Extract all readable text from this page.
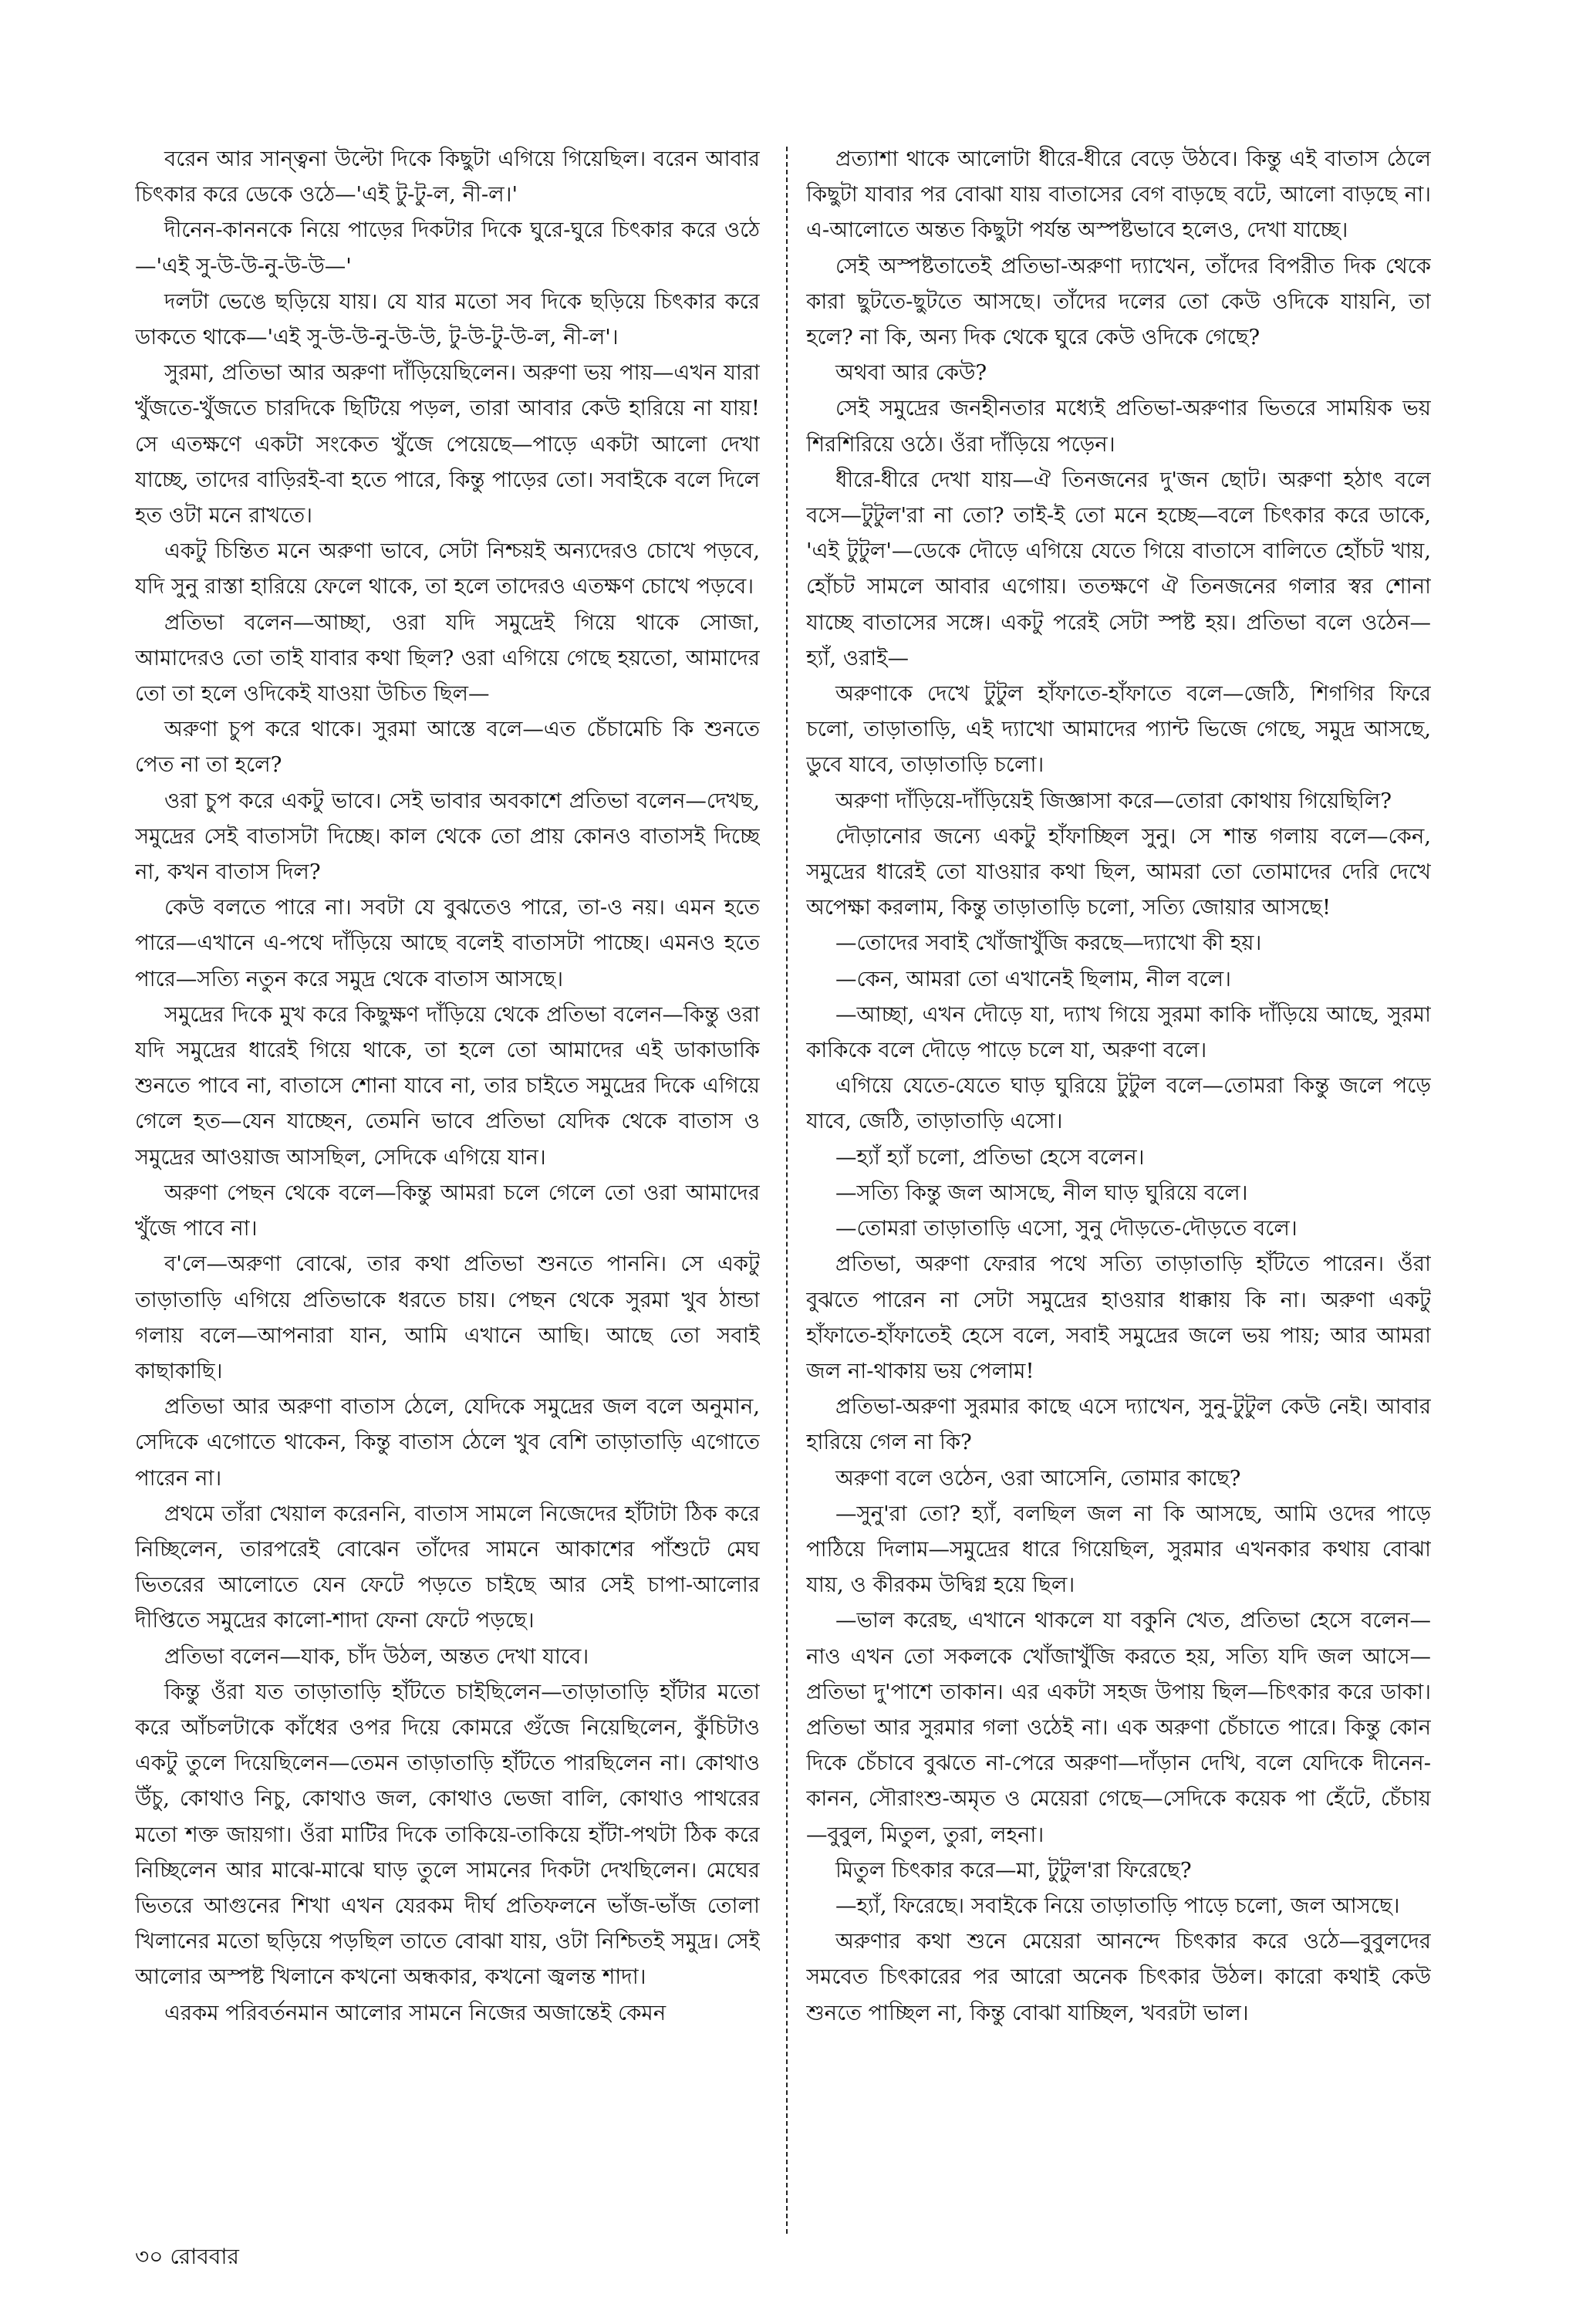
বরেন আর সান্ত্বনা উল্টো দিকে কিছুটা এগিয়ে গিয়েছিল। বরেন আবার চিৎকার করে ডেকে ওঠে—'এই টু-টু-ল, নী-ল।'

দীনেন-কাননকে নিয়ে পাড়ের দিকটার দিকে ঘুরে-ঘুরে চিৎকার করে ওঠে—'এই সু-উ-উ-নু-উ-উ—'

দলটা ভেঙে ছড়িয়ে যায়। যে যার মতো সব দিকে ছড়িয়ে চিৎকার করে ডাকতে থাকে—'এই সু-উ-উ-নু-উ-উ, টু-উ-টু-উ-ল, নী-ল'।

সুরমা, প্রতিভা আর অরুণা দাঁড়িয়েছিলেন। অরুণা ভয় পায়—এখন যারা খুঁজতে-খুঁজতে চারদিকে ছিটিয়ে পড়ল, তারা আবার কেউ হারিয়ে না যায়! সে এতক্ষণে একটা সংকেত খুঁজে পেয়েছে—পাড়ে একটা আলো দেখা যাচ্ছে, তাদের বাড়িরই-বা হতে পারে, কিন্তু পাড়ের তো। সবাইকে বলে দিলে হত ওটা মনে রাখতে।

একটু চিন্তিত মনে অরুণা ভাবে, সেটা নিশ্চয়ই অন্যদেরও চোখে পড়বে, যদি সুনু রাস্তা হারিয়ে ফেলে থাকে, তা হলে তাদেরও এতক্ষণ চোখে পড়বে।

প্রতিভা বলেন—আচ্ছা, ওরা যদি সমুদ্রেই গিয়ে থাকে সোজা, আমাদেরও তো তাই যাবার কথা ছিল? ওরা এগিয়ে গেছে হয়তো, আমাদের তো তা হলে ওদিকেই যাওয়া উচিত ছিল—

অরুণা চুপ করে থাকে। সুরমা আস্তে বলে—এত চেঁচামেচি কি শুনতে পেত না তা হলে?

ওরা চুপ করে একটু ভাবে। সেই ভাবার অবকাশে প্রতিভা বলেন—দেখছ, সমুদ্রের সেই বাতাসটা দিচ্ছে। কাল থেকে তো প্রায় কোনও বাতাসই দিচ্ছে না, কখন বাতাস দিল?

কেউ বলতে পারে না। সবটা যে বুঝতেও পারে, তা-ও নয়। এমন হতে পারে—এখানে এ-পথে দাঁড়িয়ে আছে বলেই বাতাসটা পাচ্ছে। এমনও হতে পারে—সত্যি নতুন করে সমুদ্র থেকে বাতাস আসছে।

সমুদ্রের দিকে মুখ করে কিছুক্ষণ দাঁড়িয়ে থেকে প্রতিভা বলেন—কিন্তু ওরা যদি সমুদ্রের ধারেই গিয়ে থাকে, তা হলে তো আমাদের এই ডাকাডাকি শুনতে পাবে না, বাতাসে শোনা যাবে না, তার চাইতে সমুদ্রের দিকে এগিয়ে গেলে হত—যেন যাচ্ছেন, তেমনি ভাবে প্রতিভা যেদিক থেকে বাতাস ও সমুদ্রের আওয়াজ আসছিল, সেদিকে এগিয়ে যান।

অরুণা পেছন থেকে বলে—কিন্তু আমরা চলে গেলে তো ওরা আমাদের খুঁজে পাবে না।

ব'লে—অরুণা বোঝে, তার কথা প্রতিভা শুনতে পাননি। সে একটু তাড়াতাড়ি এগিয়ে প্রতিভাকে ধরতে চায়। পেছন থেকে সুরমা খুব ঠান্ডা গলায় বলে—আপনারা যান, আমি এখানে আছি। আছে তো সবাই কাছাকাছি।

প্রতিভা আর অরুণা বাতাস ঠেলে, যেদিকে সমুদ্রের জল বলে অনুমান, সেদিকে এগোতে থাকেন, কিন্তু বাতাস ঠেলে খুব বেশি তাড়াতাড়ি এগোতে পারেন না।

প্রথমে তাঁরা খেয়াল করেননি, বাতাস সামলে নিজেদের হাঁটাটা ঠিক করে নিচ্ছিলেন, তারপরেই বোঝেন তাঁদের সামনে আকাশের পাঁশুটে মেঘ ভিতরের আলোতে যেন ফেটে পড়তে চাইছে আর সেই চাপা-আলোর দীপ্তিতে সমুদ্রের কালো-শাদা ফেনা ফেটে পড়ছে।

প্রতিভা বলেন—যাক, চাঁদ উঠল, অন্তত দেখা যাবে।

কিন্তু ওঁরা যত তাড়াতাড়ি হাঁটতে চাইছিলেন—তাড়াতাড়ি হাঁটার মতো করে আঁচলটাকে কাঁধের ওপর দিয়ে কোমরে গুঁজে নিয়েছিলেন, কুঁচিটাও একটু তুলে দিয়েছিলেন—তেমন তাড়াতাড়ি হাঁটতে পারছিলেন না। কোথাও উঁচু, কোথাও নিচু, কোথাও জল, কোথাও ভেজা বালি, কোথাও পাথরের মতো শক্ত জায়গা। ওঁরা মাটির দিকে তাকিয়ে-তাকিয়ে হাঁটা-পথটা ঠিক করে নিচ্ছিলেন আর মাঝে-মাঝে ঘাড় তুলে সামনের দিকটা দেখছিলেন। মেঘের ভিতরে আগুনের শিখা এখন যেরকম দীর্ঘ প্রতিফলনে ভাঁজ-ভাঁজ তোলা খিলানের মতো ছড়িয়ে পড়ছিল তাতে বোঝা যায়, ওটা নিশ্চিতই সমুদ্র। সেই আলোর অস্পষ্ট খিলানে কখনো অন্ধকার, কখনো জ্বলন্ত শাদা।

এরকম পরিবর্তনমান আলোর সামনে নিজের অজান্তেই কেমন

প্রত্যাশা থাকে আলোটা ধীরে-ধীরে বেড়ে উঠবে। কিন্তু এই বাতাস ঠেলে কিছুটা যাবার পর বোঝা যায় বাতাসের বেগ বাড়ছে বটে, আলো বাড়ছে না। এ-আলোতে অন্তত কিছুটা পর্যন্ত অস্পষ্টভাবে হলেও, দেখা যাচ্ছে।

সেই অস্পষ্টতাতেই প্রতিভা-অরুণা দ্যাখেন, তাঁদের বিপরীত দিক থেকে কারা ছুটতে-ছুটতে আসছে। তাঁদের দলের তো কেউ ওদিকে যায়নি, তা হলে? না কি, অন্য দিক থেকে ঘুরে কেউ ওদিকে গেছে?

অথবা আর কেউ?

সেই সমুদ্রের জনহীনতার মধ্যেই প্রতিভা-অরুণার ভিতরে সাময়িক ভয় শিরশিরিয়ে ওঠে। ওঁরা দাঁড়িয়ে পড়েন।

ধীরে-ধীরে দেখা যায়—ঐ তিনজনের দু'জন ছোট। অরুণা হঠাৎ বলে বসে—টুটুল'রা না তো? তাই-ই তো মনে হচ্ছে—বলে চিৎকার করে ডাকে, 'এই টুটুল'—ডেকে দৌড়ে এগিয়ে যেতে গিয়ে বাতাসে বালিতে হোঁচট খায়, হোঁচট সামলে আবার এগোয়। ততক্ষণে ঐ তিনজনের গলার স্বর শোনা যাচ্ছে বাতাসের সঙ্গে। একটু পরেই সেটা স্পষ্ট হয়। প্রতিভা বলে ওঠেন—হ্যাঁ, ওরাই—

অরুণাকে দেখে টুটুল হাঁফাতে-হাঁফাতে বলে—জেঠি, শিগগির ফিরে চলো, তাড়াতাড়ি, এই দ্যাখো আমাদের প্যান্ট ভিজে গেছে, সমুদ্র আসছে, ডুবে যাবে, তাড়াতাড়ি চলো।

অরুণা দাঁড়িয়ে-দাঁড়িয়েই জিজ্ঞাসা করে—তোরা কোথায় গিয়েছিলি?

দৌড়ানোর জন্যে একটু হাঁফাচ্ছিল সুনু। সে শান্ত গলায় বলে—কেন, সমুদ্রের ধারেই তো যাওয়ার কথা ছিল, আমরা তো তোমাদের দেরি দেখে অপেক্ষা করলাম, কিন্তু তাড়াতাড়ি চলো, সত্যি জোয়ার আসছে!

—তোদের সবাই খোঁজাখুঁজি করছে—দ্যাখো কী হয়।

—কেন, আমরা তো এখানেই ছিলাম, নীল বলে।

—আচ্ছা, এখন দৌড়ে যা, দ্যাখ গিয়ে সুরমা কাকি দাঁড়িয়ে আছে, সুরমা কাকিকে বলে দৌড়ে পাড়ে চলে যা, অরুণা বলে।

এগিয়ে যেতে-যেতে ঘাড় ঘুরিয়ে টুটুল বলে—তোমরা কিন্তু জলে পড়ে যাবে, জেঠি, তাড়াতাড়ি এসো।

—হ্যাঁ হ্যাঁ চলো, প্রতিভা হেসে বলেন।

—সত্যি কিন্তু জল আসছে, নীল ঘাড় ঘুরিয়ে বলে।

—তোমরা তাড়াতাড়ি এসো, সুনু দৌড়তে-দৌড়তে বলে।

প্রতিভা, অরুণা ফেরার পথে সত্যি তাড়াতাড়ি হাঁটতে পারেন। ওঁরা বুঝতে পারেন না সেটা সমুদ্রের হাওয়ার ধাক্কায় কি না। অরুণা একটু হাঁফাতে-হাঁফাতেই হেসে বলে, সবাই সমুদ্রের জলে ভয় পায়; আর আমরা জল না-থাকায় ভয় পেলাম!

প্রতিভা-অরুণা সুরমার কাছে এসে দ্যাখেন, সুনু-টুটুল কেউ নেই। আবার হারিয়ে গেল না কি?

অরুণা বলে ওঠেন, ওরা আসেনি, তোমার কাছে?

—সুনু'রা তো? হ্যাঁ, বলছিল জল না কি আসছে, আমি ওদের পাড়ে পাঠিয়ে দিলাম—সমুদ্রের ধারে গিয়েছিল, সুরমার এখনকার কথায় বোঝা যায়, ও কীরকম উদ্বিগ্ন হয়ে ছিল।

—ভাল করেছ, এখানে থাকলে যা বকুনি খেত, প্রতিভা হেসে বলেন—নাও এখন তো সকলকে খোঁজাখুঁজি করতে হয়, সত্যি যদি জল আসে—প্রতিভা দু'পাশে তাকান। এর একটা সহজ উপায় ছিল—চিৎকার করে ডাকা। প্রতিভা আর সুরমার গলা ওঠেই না। এক অরুণা চেঁচাতে পারে। কিন্তু কোন দিকে চেঁচাবে বুঝতে না-পেরে অরুণা—দাঁড়ান দেখি, বলে যেদিকে দীনেন-কানন, সৌরাংশু-অমৃত ও মেয়েরা গেছে—সেদিকে কয়েক পা হেঁটে, চেঁচায়—বুবুল, মিতুল, তুরা, লহনা।

মিতুল চিৎকার করে—মা, টুটুল'রা ফিরেছে?

—হ্যাঁ, ফিরেছে। সবাইকে নিয়ে তাড়াতাড়ি পাড়ে চলো, জল আসছে।

অরুণার কথা শুনে মেয়েরা আনন্দে চিৎকার করে ওঠে—বুবুলদের সমবেত চিৎকারের পর আরো অনেক চিৎকার উঠল। কারো কথাই কেউ শুনতে পাচ্ছিল না, কিন্তু বোঝা যাচ্ছিল, খবরটা ভাল।

৩০ রোববার
